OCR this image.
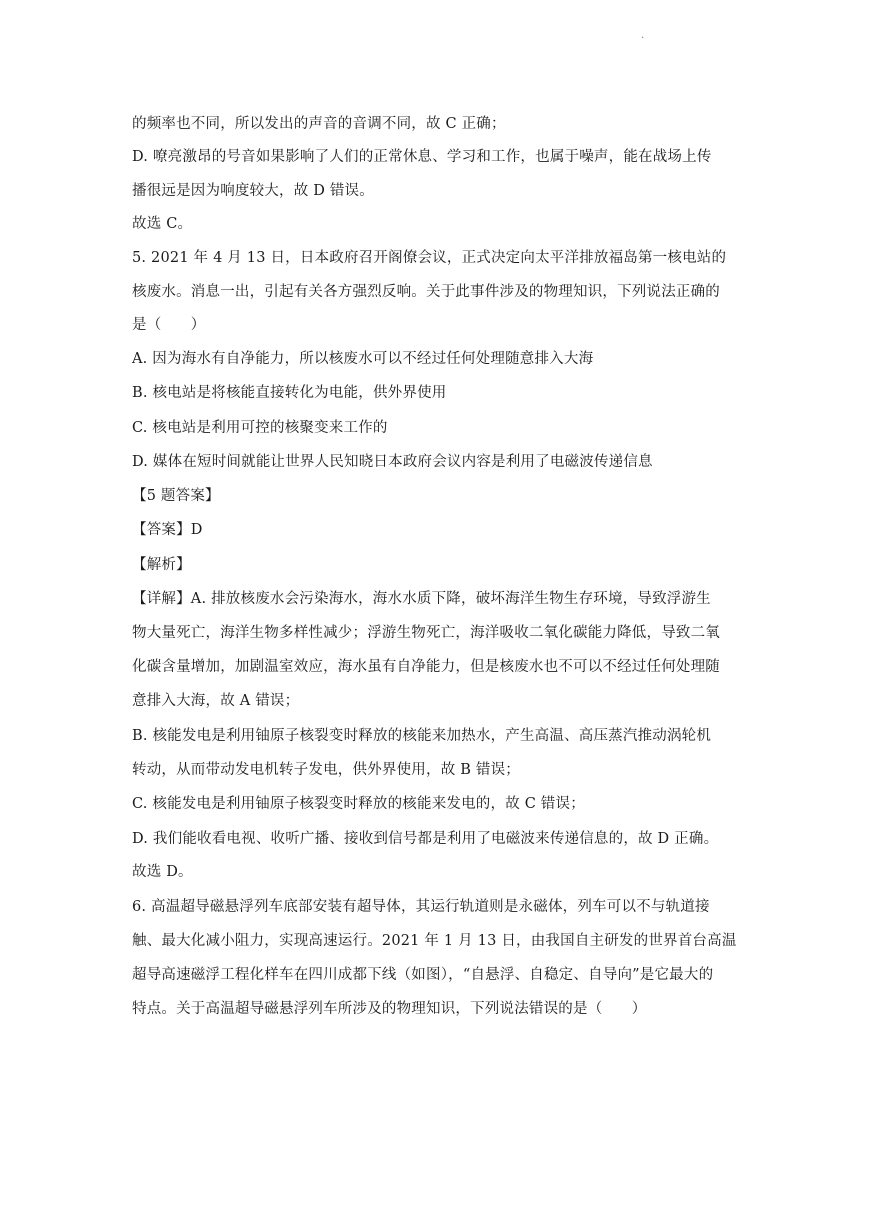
.
的频率也不同，所以发出的声音的音调不同，故 C 正确；
D. 嘹亮激昂的号音如果影响了人们的正常休息、学习和工作，也属于噪声，能在战场上传
播很远是因为响度较大，故 D 错误。
故选 C。
5. 2021 年 4 月 13 日，日本政府召开阁僚会议，正式决定向太平洋排放福岛第一核电站的
核废水。消息一出，引起有关各方强烈反响。关于此事件涉及的物理知识，下列说法正确的
是（　　）
A. 因为海水有自净能力，所以核废水可以不经过任何处理随意排入大海
B. 核电站是将核能直接转化为电能，供外界使用
C. 核电站是利用可控的核聚变来工作的
D. 媒体在短时间就能让世界人民知晓日本政府会议内容是利用了电磁波传递信息
【5 题答案】
【答案】D
【解析】
【详解】A. 排放核废水会污染海水，海水水质下降，破坏海洋生物生存环境，导致浮游生
物大量死亡，海洋生物多样性减少；浮游生物死亡，海洋吸收二氧化碳能力降低，导致二氧
化碳含量增加，加剧温室效应，海水虽有自净能力，但是核废水也不可以不经过任何处理随
意排入大海，故 A 错误；
B. 核能发电是利用铀原子核裂变时释放的核能来加热水，产生高温、高压蒸汽推动涡轮机
转动，从而带动发电机转子发电，供外界使用，故 B 错误；
C. 核能发电是利用铀原子核裂变时释放的核能来发电的，故 C 错误；
D. 我们能收看电视、收听广播、接收到信号都是利用了电磁波来传递信息的，故 D 正确。
故选 D。
6. 高温超导磁悬浮列车底部安装有超导体，其运行轨道则是永磁体，列车可以不与轨道接
触、最大化减小阻力，实现高速运行。2021 年 1 月 13 日，由我国自主研发的世界首台高温
超导高速磁浮工程化样车在四川成都下线（如图），“自悬浮、自稳定、自导向”是它最大的
特点。关于高温超导磁悬浮列车所涉及的物理知识，下列说法错误的是（　　）
